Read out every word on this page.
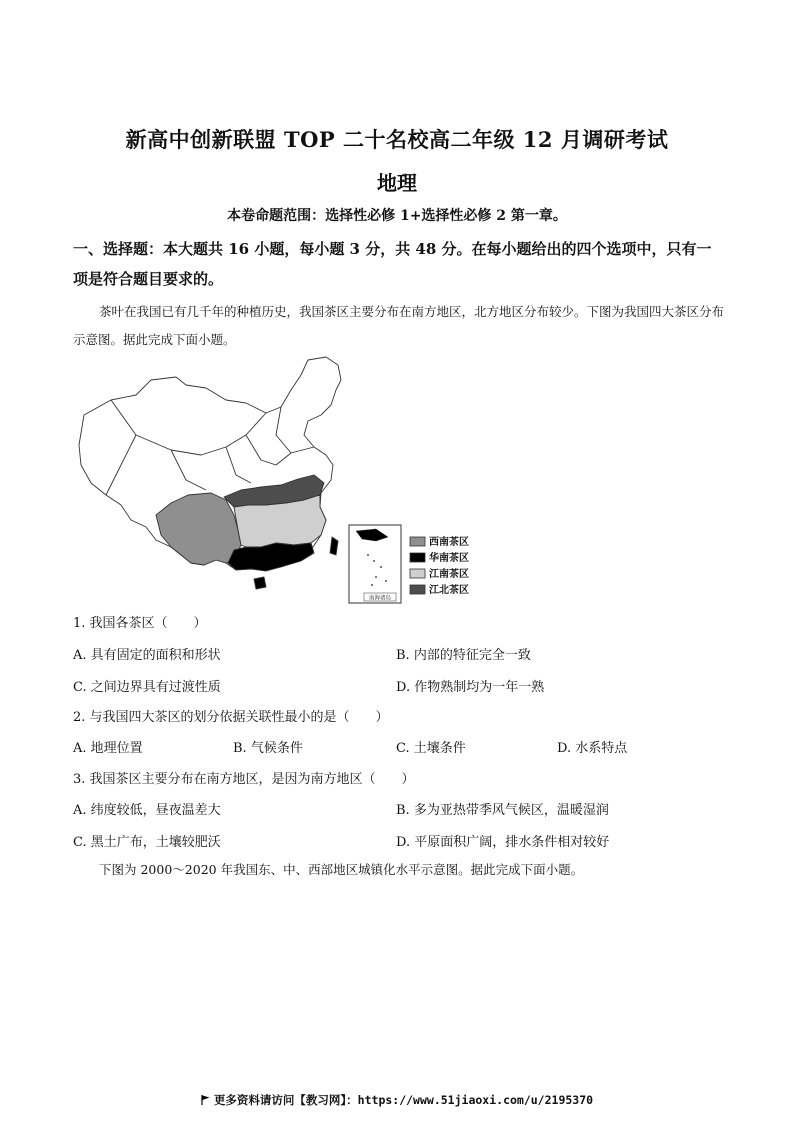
新高中创新联盟 TOP 二十名校高二年级 12 月调研考试
地理
本卷命题范围：选择性必修 1+选择性必修 2 第一章。
一、选择题：本大题共 16 小题，每小题 3 分，共 48 分。在每小题给出的四个选项中，只有一项是符合题目要求的。
茶叶在我国已有几千年的种植历史，我国茶区主要分布在南方地区，北方地区分布较少。下图为我国四大茶区分布示意图。据此完成下面小题。
南海诸岛
西南茶区
华南茶区
江南茶区
江北茶区
1. 我国各茶区（　　）
A. 具有固定的面积和形状	B. 内部的特征完全一致
C. 之间边界具有过渡性质	D. 作物熟制均为一年一熟
2. 与我国四大茶区的划分依据关联性最小的是（　　）
A. 地理位置	B. 气候条件	C. 土壤条件	D. 水系特点
3. 我国茶区主要分布在南方地区，是因为南方地区（　　）
A. 纬度较低，昼夜温差大	B. 多为亚热带季风气候区，温暖湿润
C. 黑土广布，土壤较肥沃	D. 平原面积广阔，排水条件相对较好
下图为 2000～2020 年我国东、中、西部地区城镇化水平示意图。据此完成下面小题。
更多资料请访问【教习网】：https://www.51jiaoxi.com/u/2195370
